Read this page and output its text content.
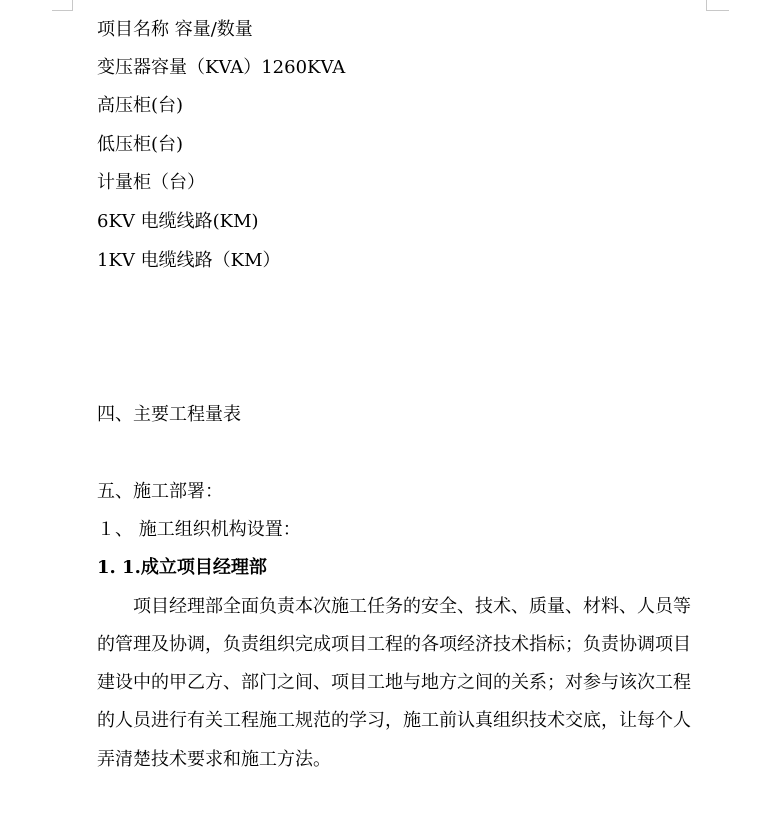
项目名称 容量/数量
变压器容量（KVA）1260KVA
高压柜(台)
低压柜(台)
计量柜（台）
6KV 电缆线路(KM)
1KV 电缆线路（KM）
四、主要工程量表
五、施工部署：
１、 施工组织机构设置：
1. 1.成立项目经理部
项目经理部全面负责本次施工任务的安全、技术、质量、材料、人员等
的管理及协调，负责组织完成项目工程的各项经济技术指标；负责协调项目
建设中的甲乙方、部门之间、项目工地与地方之间的关系；对参与该次工程
的人员进行有关工程施工规范的学习，施工前认真组织技术交底，让每个人
弄清楚技术要求和施工方法。
